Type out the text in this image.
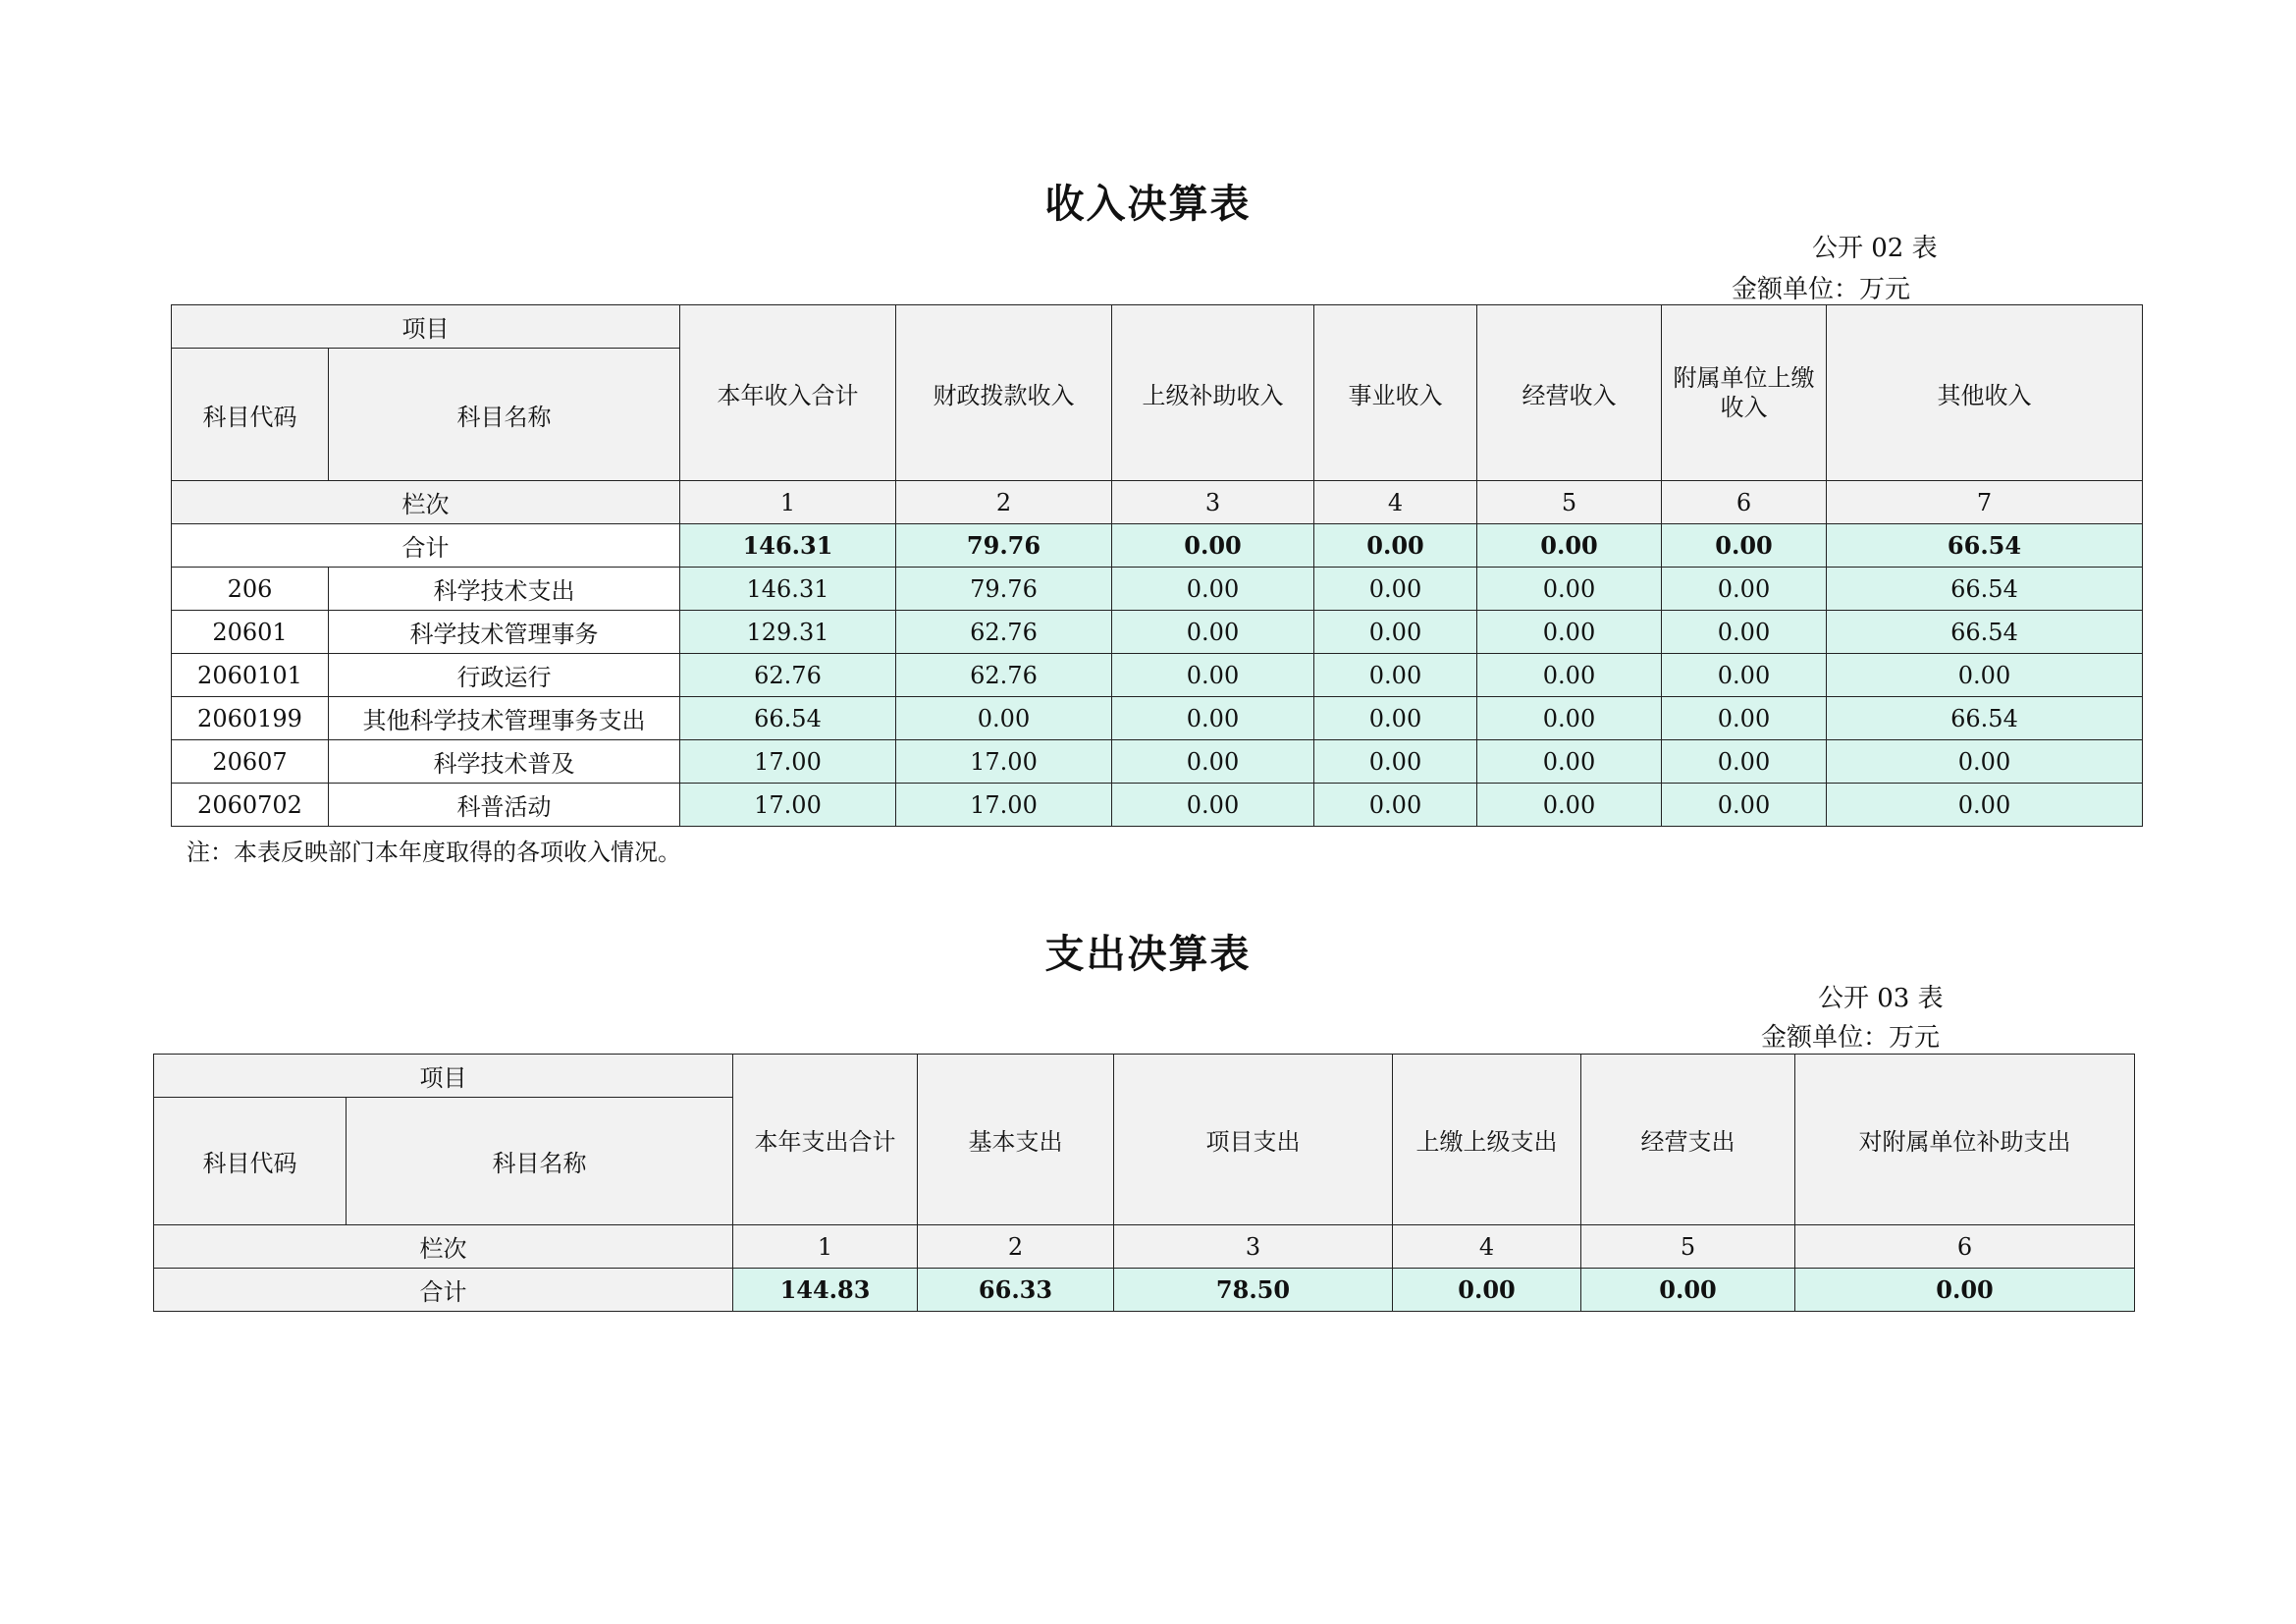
收入决算表
公开 02 表
金额单位：万元
项目		本年收入合计	财政拨款收入	上级补助收入	事业收入	经营收入	附属单位上缴收入	其他收入
科目代码	科目名称							
栏次		1	2	3	4	5	6	7
合计		146.31	79.76	0.00	0.00	0.00	0.00	66.54
206	科学技术支出	146.31	79.76	0.00	0.00	0.00	0.00	66.54
20601	科学技术管理事务	129.31	62.76	0.00	0.00	0.00	0.00	66.54
2060101	行政运行	62.76	62.76	0.00	0.00	0.00	0.00	0.00
2060199	其他科学技术管理事务支出	66.54	0.00	0.00	0.00	0.00	0.00	66.54
20607	科学技术普及	17.00	17.00	0.00	0.00	0.00	0.00	0.00
2060702	科普活动	17.00	17.00	0.00	0.00	0.00	0.00	0.00
注：本表反映部门本年度取得的各项收入情况。
支出决算表
公开 03 表
金额单位：万元
项目		本年支出合计	基本支出	项目支出	上缴上级支出	经营支出	对附属单位补助支出
科目代码	科目名称						
栏次		1	2	3	4	5	6
合计		144.83	66.33	78.50	0.00	0.00	0.00
